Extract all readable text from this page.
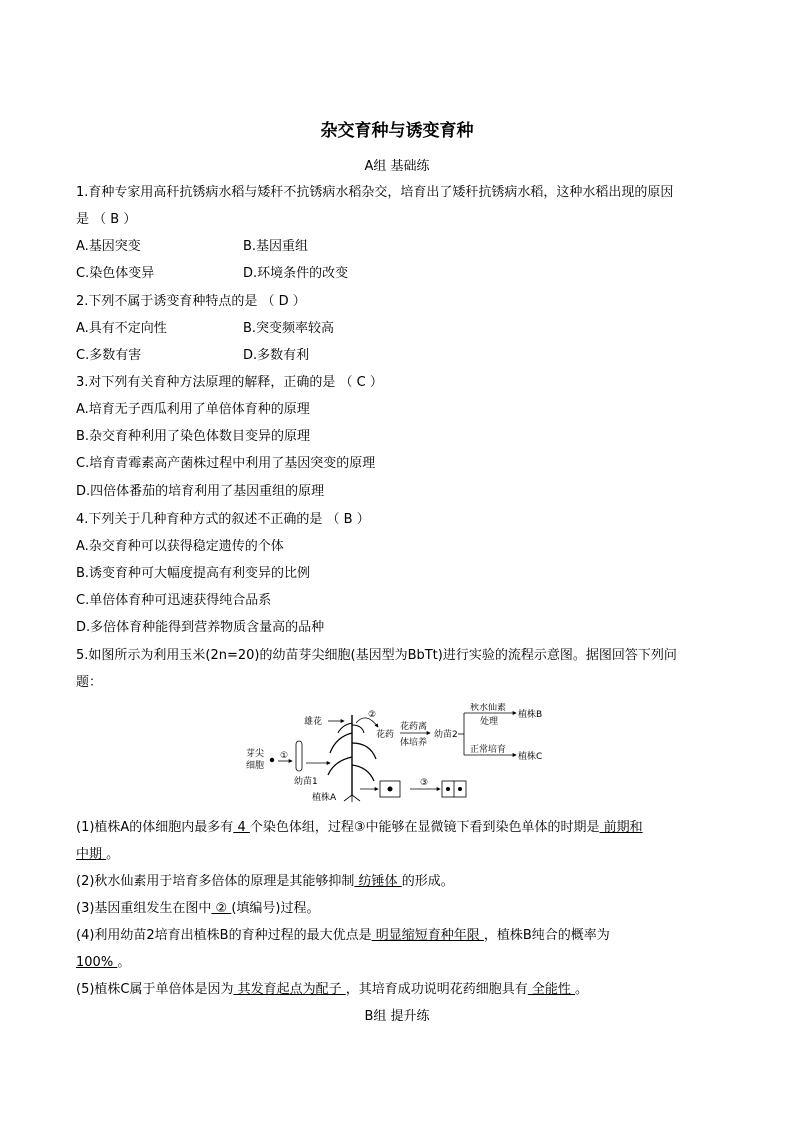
杂交育种与诱变育种
A组 基础练
1.育种专家用高秆抗锈病水稻与矮秆不抗锈病水稻杂交，培育出了矮秆抗锈病水稻，这种水稻出现的原因
是 （ B ）
A.基因突变	B.基因重组
C.染色体变异	D.环境条件的改变
2.下列不属于诱变育种特点的是 （ D ）
A.具有不定向性	B.突变频率较高
C.多数有害	D.多数有利
3.对下列有关育种方法原理的解释，正确的是 （ C ）
A.培育无子西瓜利用了单倍体育种的原理
B.杂交育种利用了染色体数目变异的原理
C.培育青霉素高产菌株过程中利用了基因突变的原理
D.四倍体番茄的培育利用了基因重组的原理
4.下列关于几种育种方式的叙述不正确的是 （ B ）
A.杂交育种可以获得稳定遗传的个体
B.诱变育种可大幅度提高有利变异的比例
C.单倍体育种可迅速获得纯合品系
D.多倍体育种能得到营养物质含量高的品种
5.如图所示为利用玉米(2n=20)的幼苗芽尖细胞(基因型为BbTt)进行实验的流程示意图。据图回答下列问
题：
雄花
②
花药
花药离
体培养
幼苗2
秋水仙素
处理
植株B
正常培育
植株C
芽尖
细胞
①
幼苗1
植株A
③
(1)植株A的体细胞内最多有 4 个染色体组，过程③中能够在显微镜下看到染色单体的时期是 前期和
中期 。
(2)秋水仙素用于培育多倍体的原理是其能够抑制 纺锤体 的形成。
(3)基因重组发生在图中 ② (填编号)过程。
(4)利用幼苗2培育出植株B的育种过程的最大优点是 明显缩短育种年限 ，植株B纯合的概率为
100% 。
(5)植株C属于单倍体是因为 其发育起点为配子 ，其培育成功说明花药细胞具有 全能性 。
B组 提升练
